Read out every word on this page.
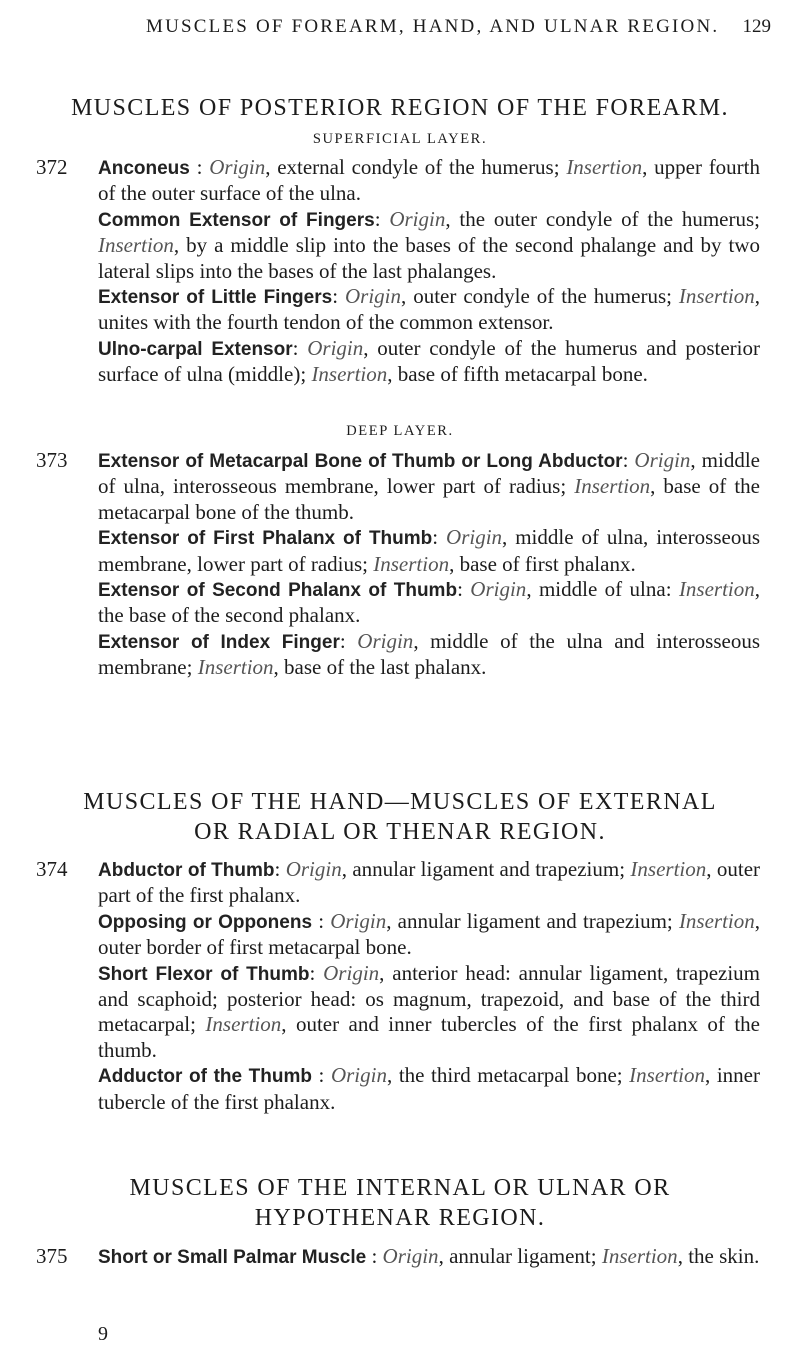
MUSCLES OF FOREARM, HAND, AND ULNAR REGION. 129
MUSCLES OF POSTERIOR REGION OF THE FOREARM.
SUPERFICIAL LAYER.
372 Anconeus : Origin, external condyle of the humerus; Insertion, upper fourth of the outer surface of the ulna.

Common Extensor of Fingers: Origin, the outer condyle of the humerus; Insertion, by a middle slip into the bases of the second phalange and by two lateral slips into the bases of the last phalanges.

Extensor of Little Fingers: Origin, outer condyle of the humerus; Insertion, unites with the fourth tendon of the common extensor.

Ulno-carpal Extensor: Origin, outer condyle of the humerus and posterior surface of ulna (middle); Insertion, base of fifth metacarpal bone.

DEEP LAYER.
373 Extensor of Metacarpal Bone of Thumb or Long Abductor: Origin, middle of ulna, interosseous membrane, lower part of radius; Insertion, base of the metacarpal bone of the thumb.

Extensor of First Phalanx of Thumb: Origin, middle of ulna, interosseous membrane, lower part of radius; Insertion, base of first phalanx.

Extensor of Second Phalanx of Thumb: Origin, middle of ulna: Insertion, the base of the second phalanx.

Extensor of Index Finger: Origin, middle of the ulna and interosseous membrane; Insertion, base of the last phalanx.

MUSCLES OF THE HAND—MUSCLES OF EXTERNAL
OR RADIAL OR THENAR REGION.
374 Abductor of Thumb: Origin, annular ligament and trapezium; Insertion, outer part of the first phalanx.

Opposing or Opponens : Origin, annular ligament and trapezium; Insertion, outer border of first metacarpal bone.

Short Flexor of Thumb: Origin, anterior head: annular ligament, trapezium and scaphoid; posterior head: os magnum, trapezoid, and base of the third metacarpal; Insertion, outer and inner tubercles of the first phalanx of the thumb.

Adductor of the Thumb : Origin, the third metacarpal bone; Insertion, inner tubercle of the first phalanx.

MUSCLES OF THE INTERNAL OR ULNAR OR
HYPOTHENAR REGION.
375 Short or Small Palmar Muscle : Origin, annular ligament; Insertion, the skin.

9
